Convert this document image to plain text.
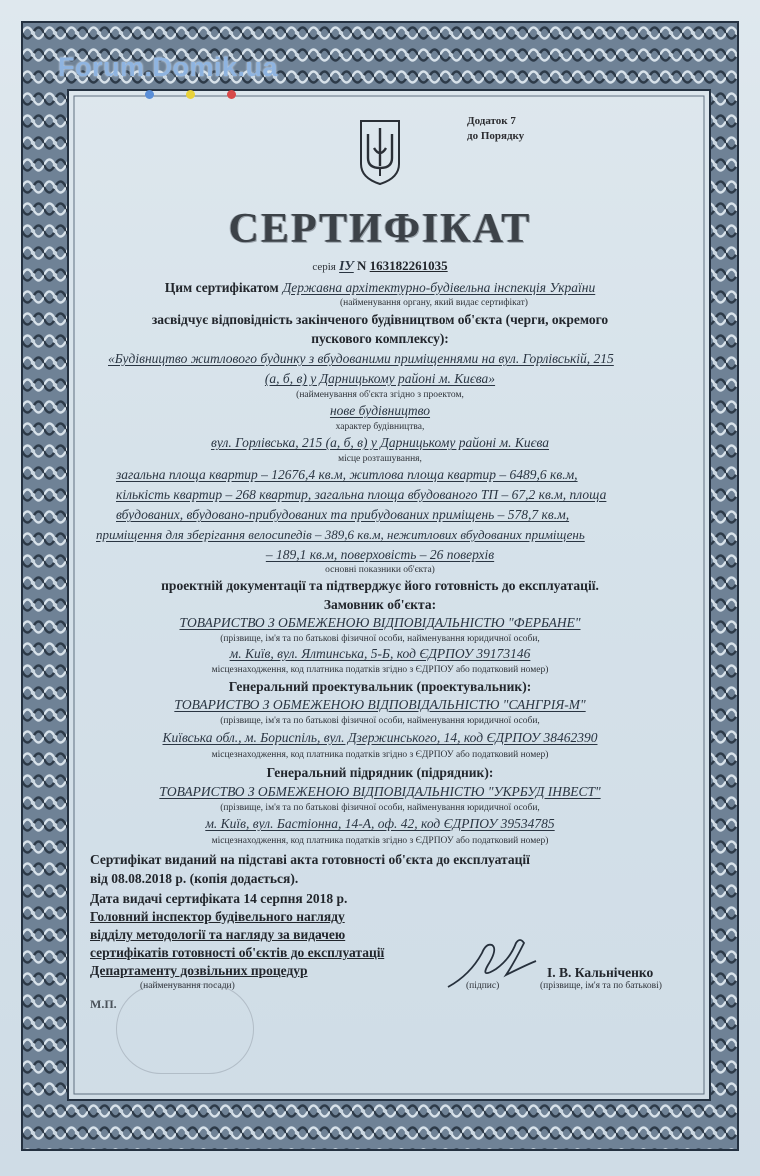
Forum.Domik.ua
Додаток 7
до Порядку
СЕРТИФІКАТ
серія ІУ N 163182261035
Цим сертифікатом Державна архітектурно-будівельна інспекція України
(найменування органу, який видає сертифікат)
засвідчує відповідність закінченого будівництвом об'єкта (черги, окремого
пускового комплексу):
«Будівництво житлового будинку з вбудованими приміщеннями на вул. Горлівській, 215
(а, б, в) у Дарницькому районі м. Києва»
(найменування об'єкта згідно з проектом,
нове будівництво
характер будівництва,
вул. Горлівська, 215 (а, б, в) у Дарницькому районі м. Києва
місце розташування,
загальна площа квартир – 12676,4 кв.м, житлова площа квартир – 6489,6 кв.м,
кількість квартир – 268 квартир, загальна площа вбудованого ТП – 67,2 кв.м, площа
вбудованих, вбудовано-прибудованих та прибудованих приміщень – 578,7 кв.м,
приміщення для зберігання велосипедів – 389,6 кв.м, нежитлових вбудованих приміщень
– 189,1 кв.м, поверховість – 26 поверхів
основні показники об'єкта)
проектній документації та підтверджує його готовність до експлуатації.
Замовник об'єкта:
ТОВАРИСТВО З ОБМЕЖЕНОЮ ВІДПОВІДАЛЬНІСТЮ "ФЕРБАНЕ"
(прізвище, ім'я та по батькові фізичної особи, найменування юридичної особи,
м. Київ, вул. Ялтинська, 5-Б, код ЄДРПОУ 39173146
місцезнаходження, код платника податків згідно з ЄДРПОУ або податковий номер)
Генеральний проектувальник (проектувальник):
ТОВАРИСТВО З ОБМЕЖЕНОЮ ВІДПОВІДАЛЬНІСТЮ "САНГРІЯ-М"
(прізвище, ім'я та по батькові фізичної особи, найменування юридичної особи,
Київська обл., м. Бориспіль, вул. Дзержинського, 14, код ЄДРПОУ 38462390
місцезнаходження, код платника податків згідно з ЄДРПОУ або податковий номер)
Генеральний підрядник (підрядник):
ТОВАРИСТВО З ОБМЕЖЕНОЮ ВІДПОВІДАЛЬНІСТЮ "УКРБУД ІНВЕСТ"
(прізвище, ім'я та по батькові фізичної особи, найменування юридичної особи,
м. Київ, вул. Бастіонна, 14-А, оф. 42, код ЄДРПОУ 39534785
місцезнаходження, код платника податків згідно з ЄДРПОУ або податковий номер)
Сертифікат виданий на підставі акта готовності об'єкта до експлуатації
від 08.08.2018 р. (копія додається).
Дата видачі сертифіката 14 серпня 2018 р.
Головний інспектор будівельного нагляду
відділу методології та нагляду за видачею
сертифікатів готовності об'єктів до експлуатації
Департаменту дозвільних процедур
(найменування посади)	(підпис)
І. В. Кальніченко
(прізвище, ім'я та по батькові)
М.П.
